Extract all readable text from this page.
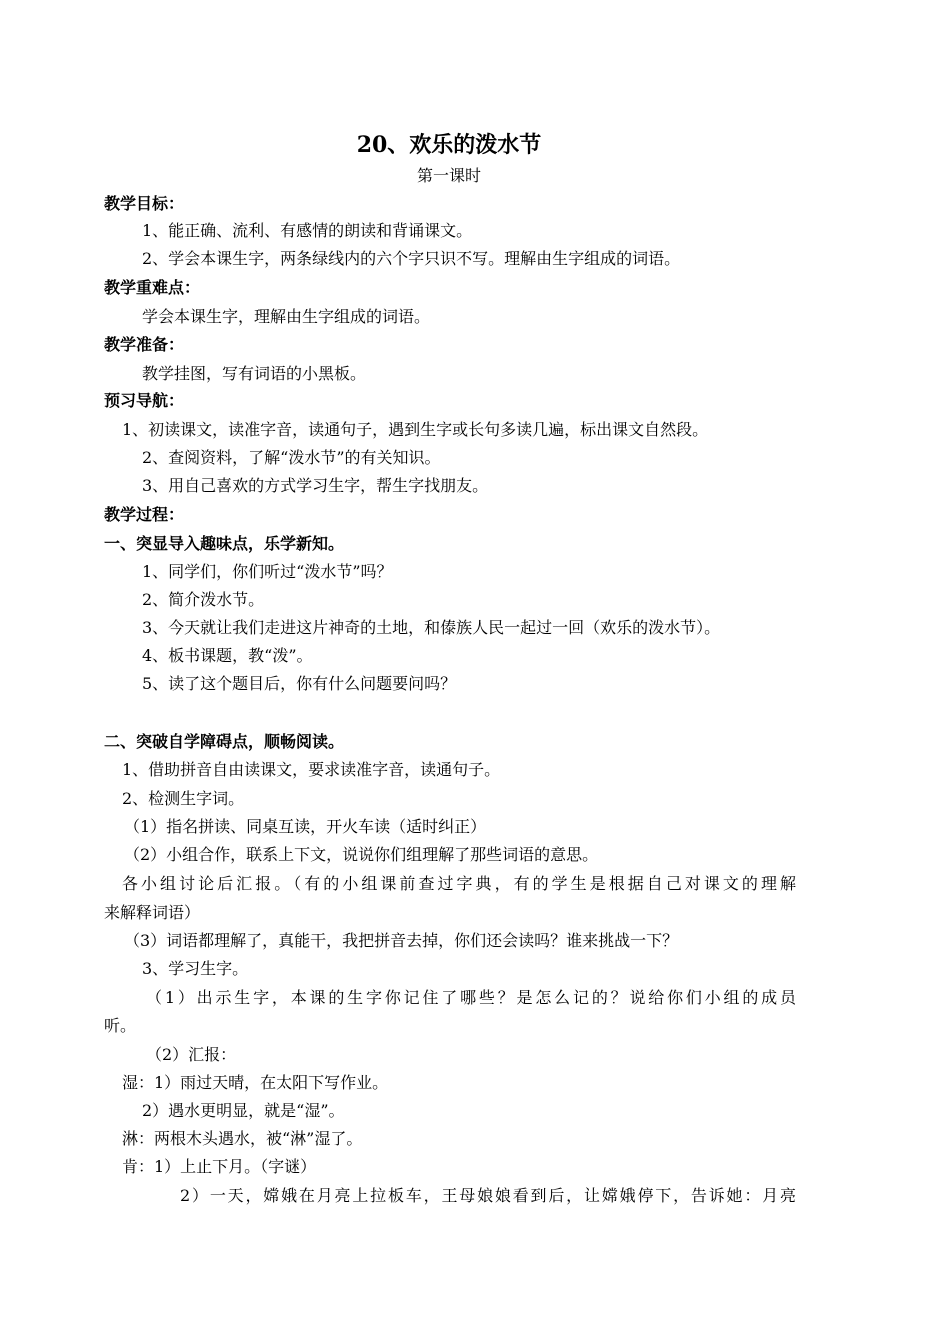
20、欢乐的泼水节
第一课时
教学目标：
1、能正确、流利、有感情的朗读和背诵课文。
2、学会本课生字，两条绿线内的六个字只识不写。理解由生字组成的词语。
教学重难点：
学会本课生字，理解由生字组成的词语。
教学准备：
教学挂图，写有词语的小黑板。
预习导航：
1、初读课文，读准字音，读通句子，遇到生字或长句多读几遍，标出课文自然段。
2、查阅资料，了解“泼水节”的有关知识。
3、用自己喜欢的方式学习生字，帮生字找朋友。
教学过程：
一、突显导入趣味点，乐学新知。
1、同学们，你们听过“泼水节”吗？
2、简介泼水节。
3、今天就让我们走进这片神奇的土地，和傣族人民一起过一回（欢乐的泼水节）。
4、板书课题，教“泼”。
5、读了这个题目后，你有什么问题要问吗？
二、突破自学障碍点，顺畅阅读。
1、借助拼音自由读课文，要求读准字音，读通句子。
2、检测生字词。
（1）指名拼读、同桌互读，开火车读（适时纠正）
（2）小组合作，联系上下文，说说你们组理解了那些词语的意思。
各小组讨论后汇报。（有的小组课前查过字典，有的学生是根据自己对课文的理解
来解释词语）
（3）词语都理解了，真能干，我把拼音去掉，你们还会读吗？谁来挑战一下？
3、学习生字。
（1）出示生字，本课的生字你记住了哪些？是怎么记的？说给你们小组的成员
听。
（2）汇报：
湿：1）雨过天晴，在太阳下写作业。
2）遇水更明显，就是“湿”。
淋：两根木头遇水，被“淋”湿了。
肯：1）上止下月。（字谜）
2）一天，嫦娥在月亮上拉板车，王母娘娘看到后，让嫦娥停下，告诉她：月亮
